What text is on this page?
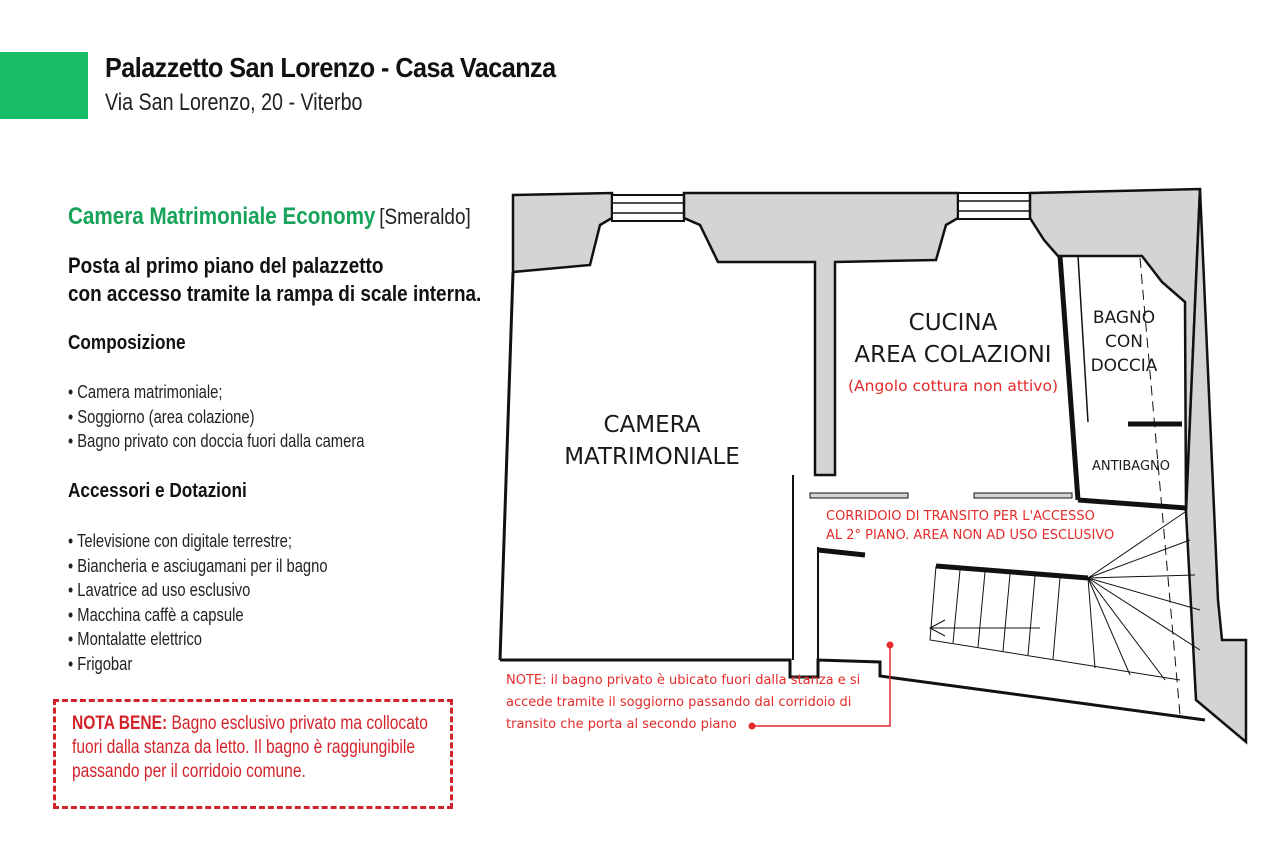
Palazzetto San Lorenzo - Casa Vacanza
Via San Lorenzo, 20 - Viterbo
Camera Matrimoniale Economy [Smeraldo]
Posta al primo piano del palazzetto
con accesso tramite la rampa di scale interna.
Composizione
• Camera matrimoniale;
• Soggiorno (area colazione)
• Bagno privato con doccia fuori dalla camera
Accessori e Dotazioni
• Televisione con digitale terrestre;
• Biancheria e asciugamani per il bagno
• Lavatrice ad uso esclusivo
• Macchina caffè a capsule
• Montalatte elettrico
• Frigobar
NOTA BENE: Bagno esclusivo privato ma collocato
fuori dalla stanza da letto. Il bagno è raggiungibile
passando per il corridoio comune.
CAMERA
MATRIMONIALE
CUCINA
AREA COLAZIONI
(Angolo cottura non attivo)
BAGNO
CON
DOCCIA
ANTIBAGNO
CORRIDOIO DI TRANSITO PER L'ACCESSO
AL 2° PIANO. AREA NON AD USO ESCLUSIVO
NOTE: il bagno privato è ubicato fuori dalla stanza e si
accede tramite il soggiorno passando dal corridoio di
transito che porta al secondo piano
